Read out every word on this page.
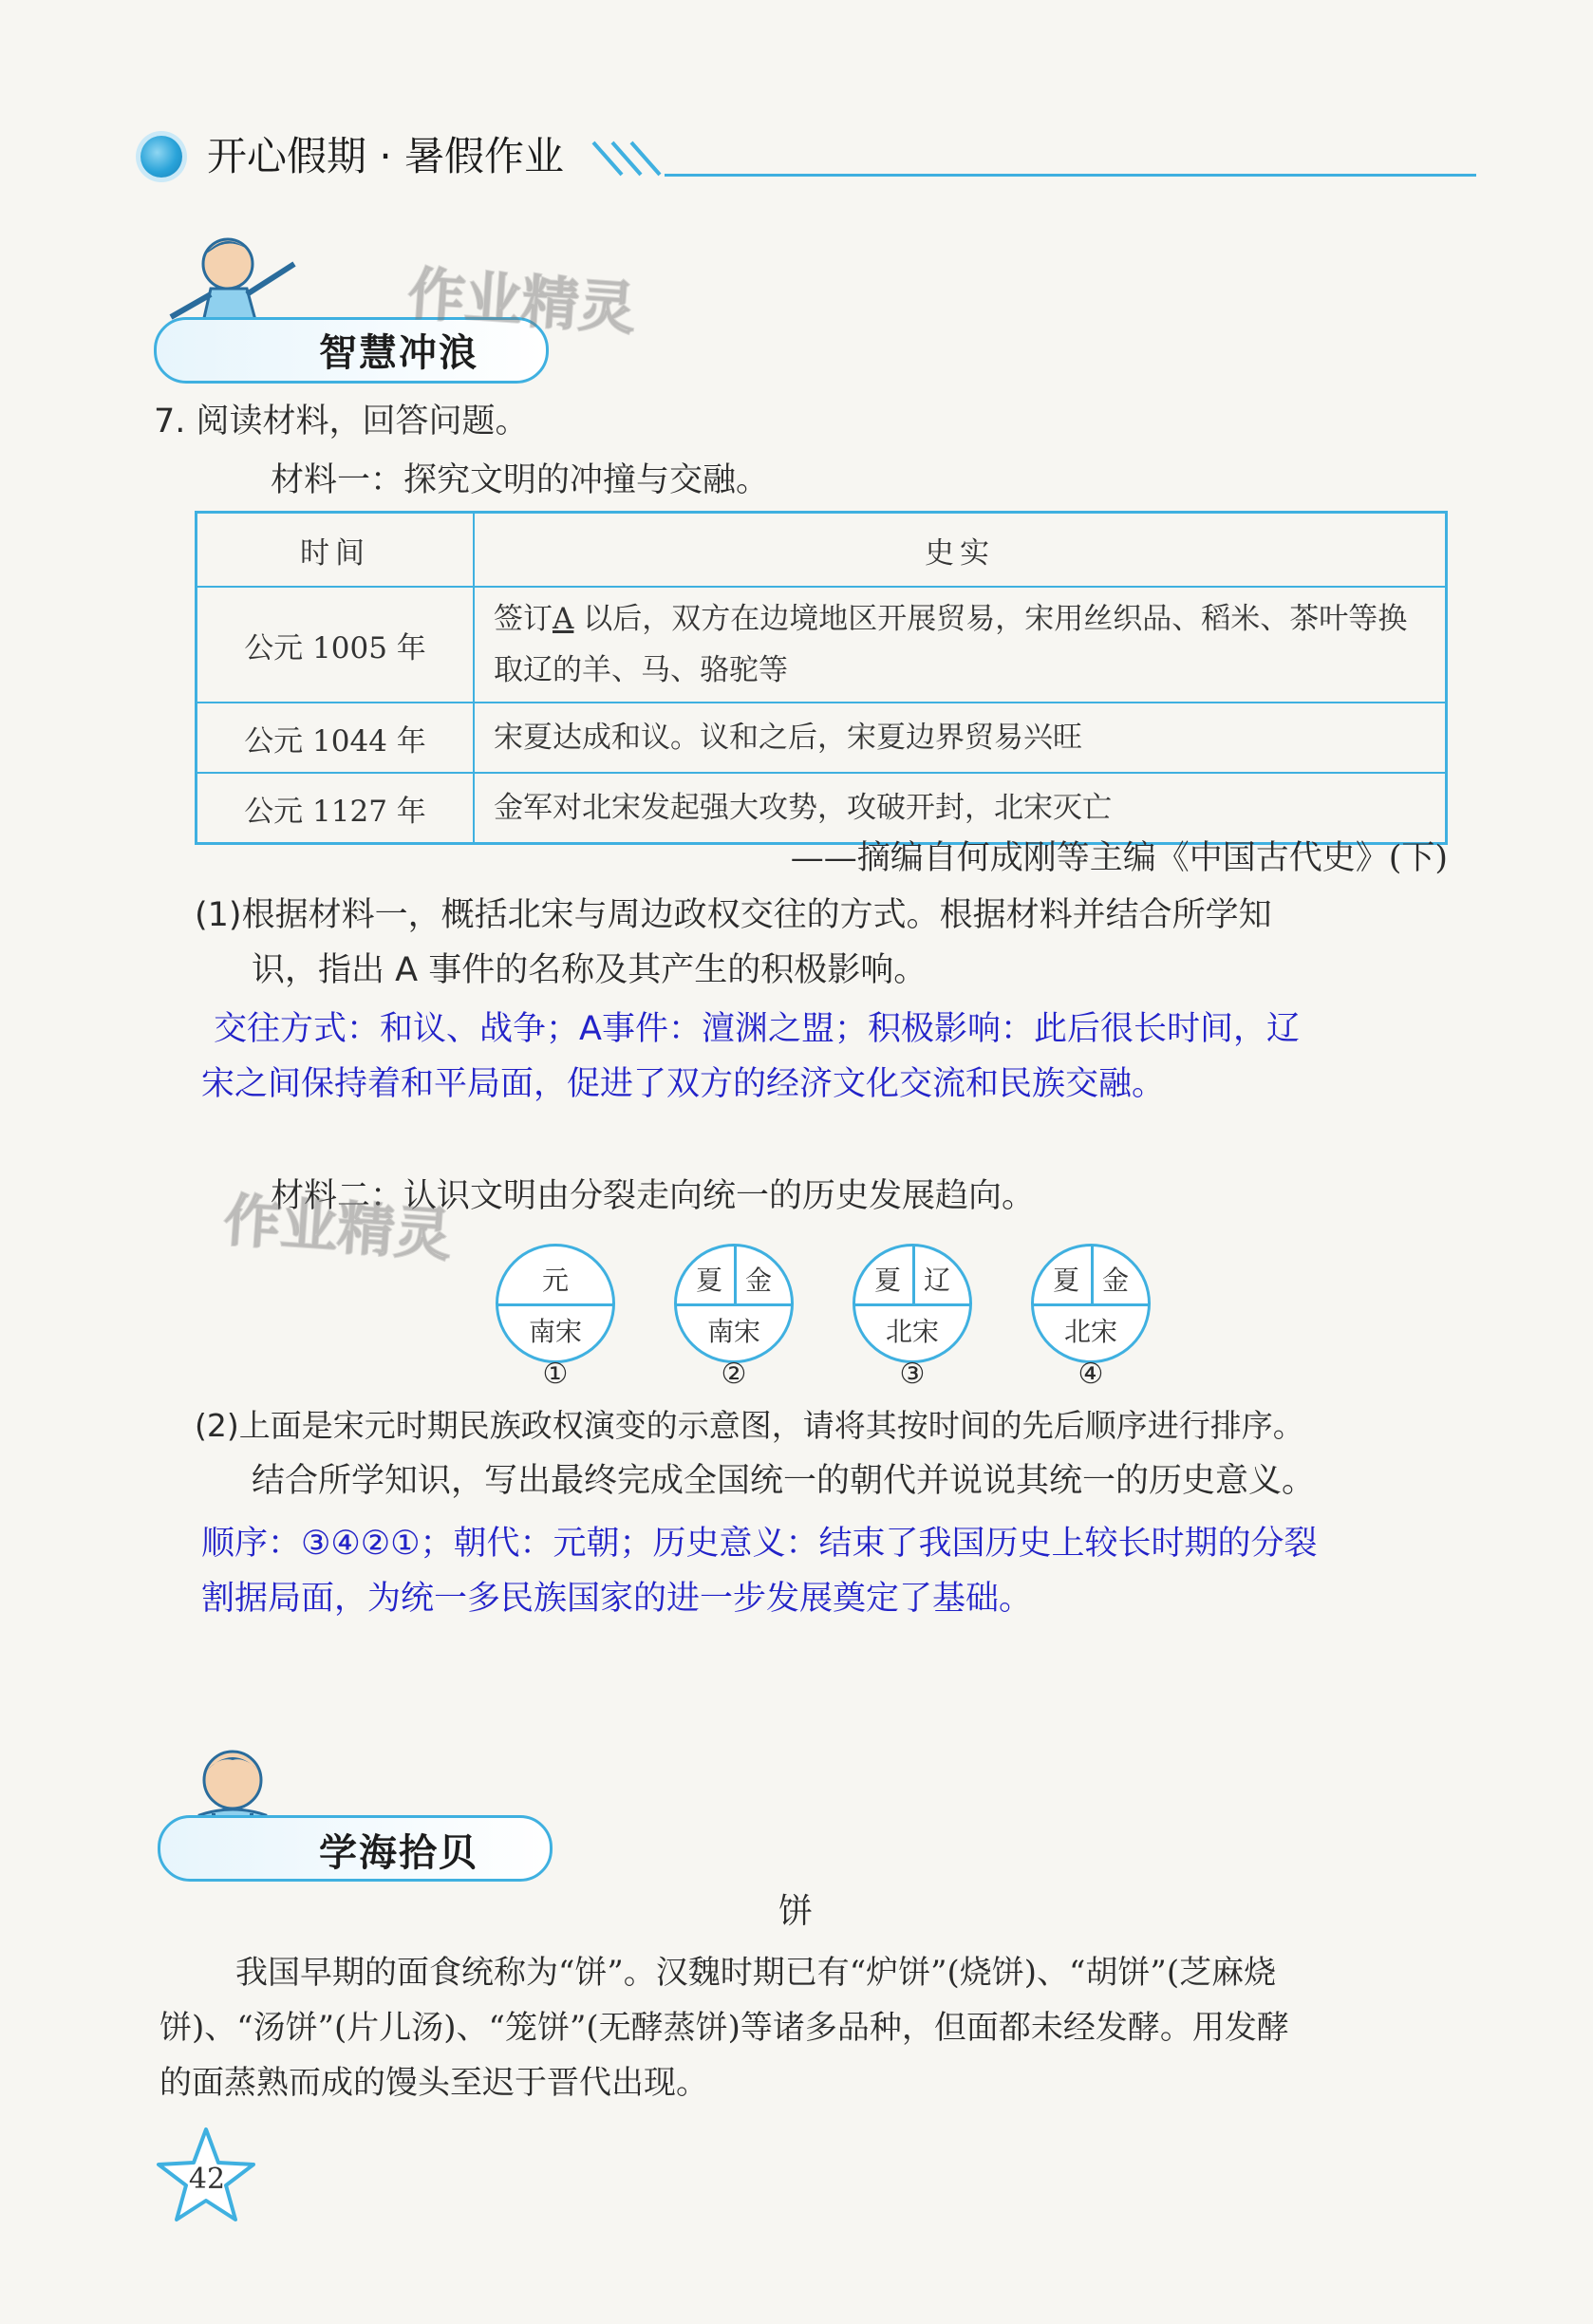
开心假期 · 暑假作业
智慧冲浪
作业精灵
7. 阅读材料，回答问题。
材料一：探究文明的冲撞与交融。
时间	史实
公元 1005 年	签订A 以后，双方在边境地区开展贸易，宋用丝织品、稻米、茶叶等换取辽的羊、马、骆驼等
公元 1044 年	宋夏达成和议。议和之后，宋夏边界贸易兴旺
公元 1127 年	金军对北宋发起强大攻势，攻破开封，北宋灭亡
——摘编自何成刚等主编《中国古代史》(下)
(1)根据材料一，概括北宋与周边政权交往的方式。根据材料并结合所学知
识，指出 A 事件的名称及其产生的积极影响。
交往方式：和议、战争；A事件：澶渊之盟；积极影响：此后很长时间，辽
宋之间保持着和平局面，促进了双方的经济文化交流和民族交融。
材料二：认识文明由分裂走向统一的历史发展趋向。
作业精灵
元
南宋
夏 金
南宋
夏 辽
北宋
夏 金
北宋
①	②	③	④
(2)上面是宋元时期民族政权演变的示意图，请将其按时间的先后顺序进行排序。
结合所学知识，写出最终完成全国统一的朝代并说说其统一的历史意义。
顺序：③④②①；朝代：元朝；历史意义：结束了我国历史上较长时期的分裂
割据局面，为统一多民族国家的进一步发展奠定了基础。
学海拾贝
饼
我国早期的面食统称为“饼”。汉魏时期已有“炉饼”(烧饼)、“胡饼”(芝麻烧
饼)、“汤饼”(片儿汤)、“笼饼”(无酵蒸饼)等诸多品种，但面都未经发酵。用发酵
的面蒸熟而成的馒头至迟于晋代出现。
42
